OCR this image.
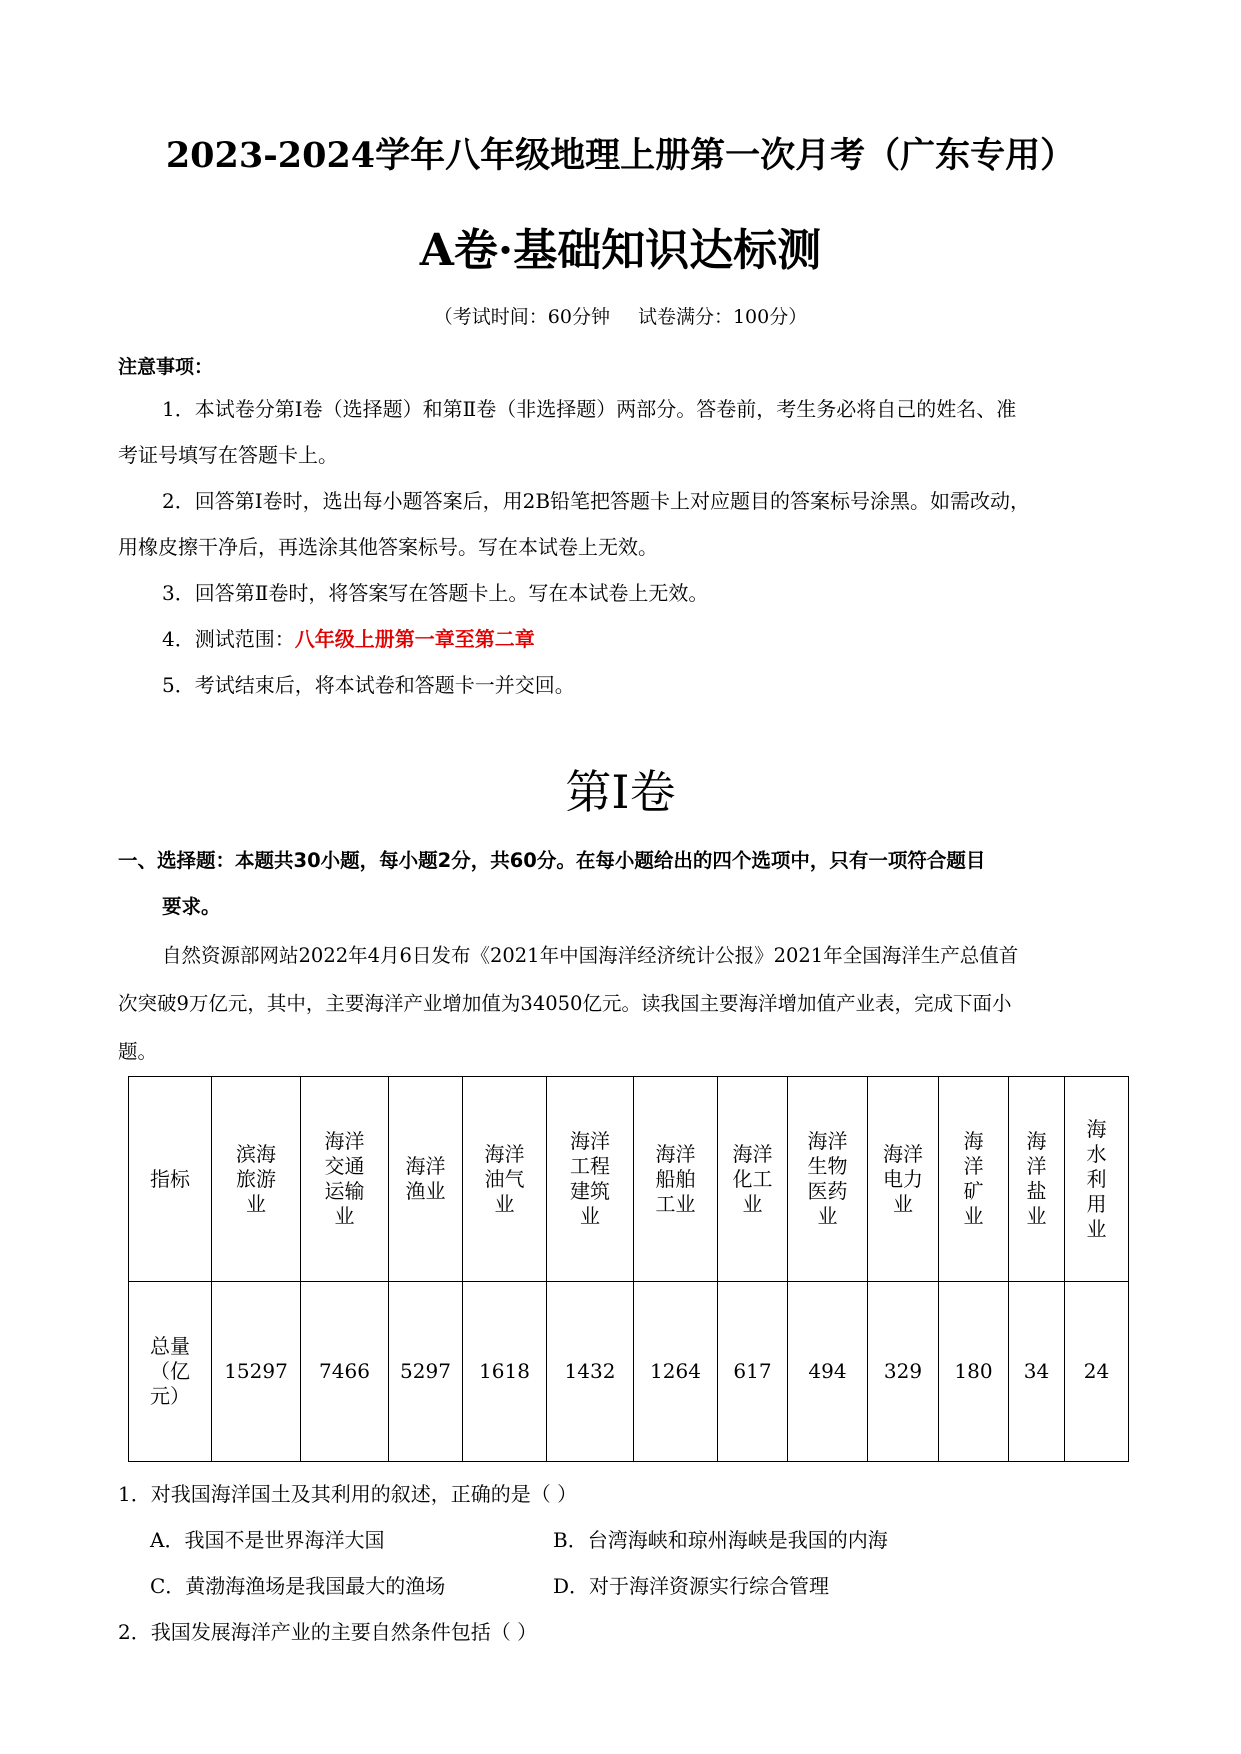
2023-2024学年八年级地理上册第一次月考（广东专用）
A卷·基础知识达标测
（考试时间：60分钟 试卷满分：100分）
注意事项：
1．本试卷分第Ⅰ卷（选择题）和第Ⅱ卷（非选择题）两部分。答卷前，考生务必将自己的姓名、准
考证号填写在答题卡上。
2．回答第Ⅰ卷时，选出每小题答案后，用2B铅笔把答题卡上对应题目的答案标号涂黑。如需改动，
用橡皮擦干净后，再选涂其他答案标号。写在本试卷上无效。
3．回答第Ⅱ卷时，将答案写在答题卡上。写在本试卷上无效。
4．测试范围：八年级上册第一章至第二章
5．考试结束后，将本试卷和答题卡一并交回。
第Ⅰ卷
一、选择题：本题共30小题，每小题2分，共60分。在每小题给出的四个选项中，只有一项符合题目
要求。
自然资源部网站2022年4月6日发布《2021年中国海洋经济统计公报》2021年全国海洋生产总值首
次突破9万亿元，其中，主要海洋产业增加值为34050亿元。读我国主要海洋增加值产业表，完成下面小
题。
指标	滨海旅游业	海洋交通运输业	海洋渔业	海洋油气业	海洋工程建筑业	海洋船舶工业	海洋化工业	海洋生物医药业	海洋电力业	海洋矿业	海洋盐业	海水利用业
总量（亿元）	15297	7466	5297	1618	1432	1264	617	494	329	180	34	24
1．对我国海洋国土及其利用的叙述，正确的是（ ）
A．我国不是世界海洋大国	B．台湾海峡和琼州海峡是我国的内海
C．黄渤海渔场是我国最大的渔场	D．对于海洋资源实行综合管理
2．我国发展海洋产业的主要自然条件包括（ ）
